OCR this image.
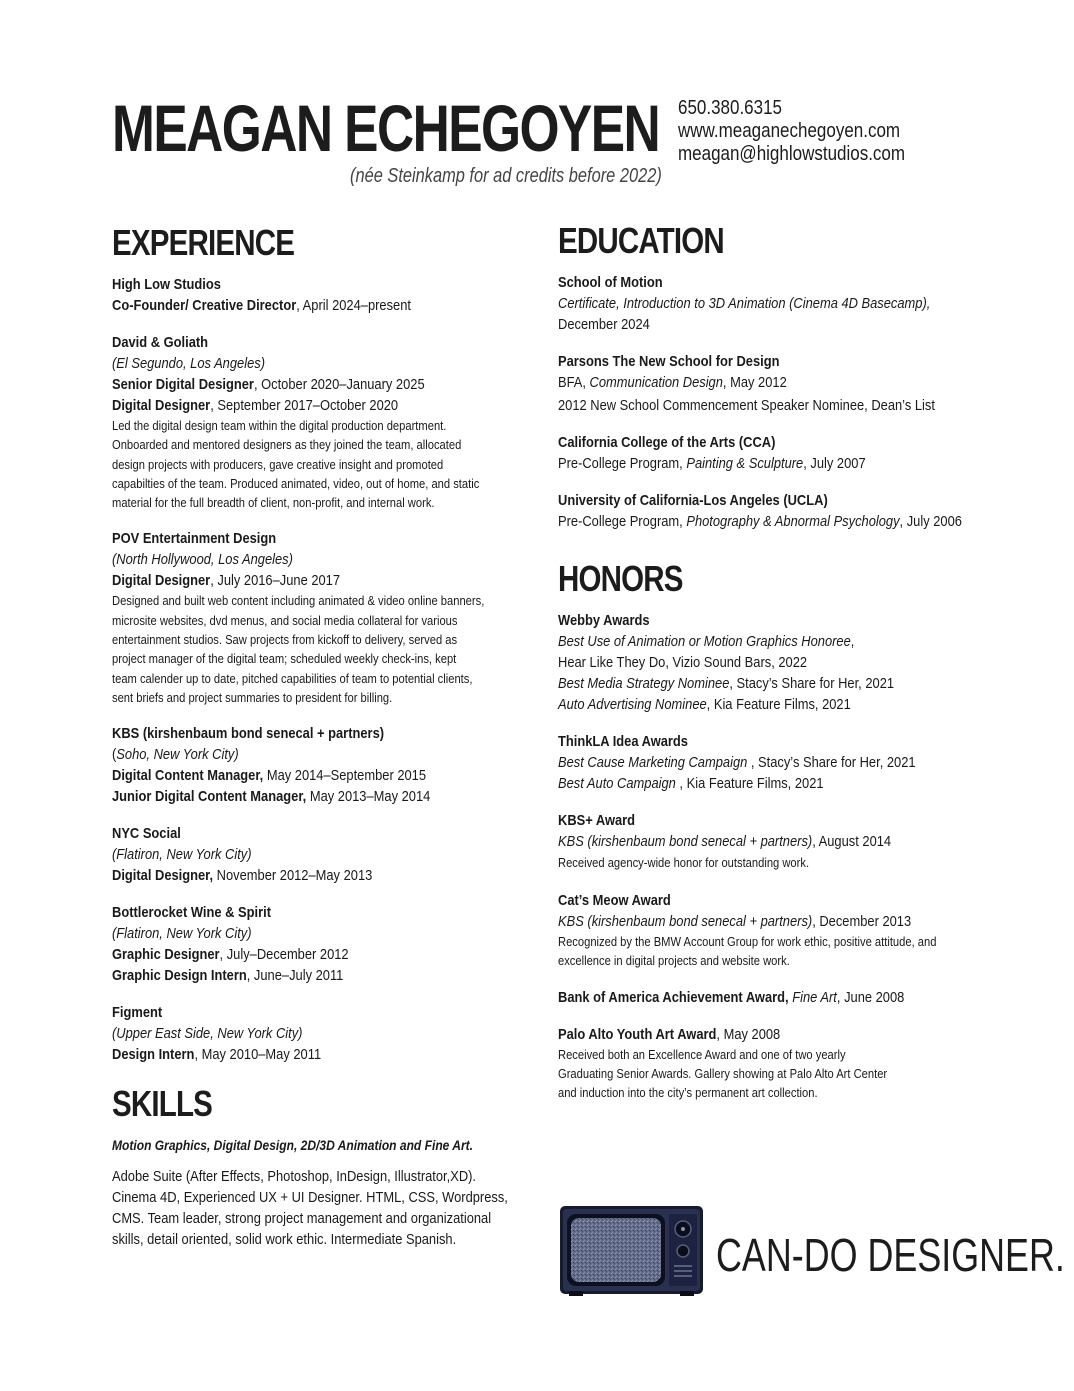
MEAGAN ECHEGOYEN
(née Steinkamp for ad credits before 2022)
650.380.6315
www.meaganechegoyen.com
meagan@highlowstudios.com
EXPERIENCE
High Low Studios
Co-Founder/ Creative Director, April 2024–present
David & Goliath
(El Segundo, Los Angeles)
Senior Digital Designer, October 2020–January 2025
Digital Designer, September 2017–October 2020
Led the digital design team within the digital production department.
Onboarded and mentored designers as they joined the team, allocated
design projects with producers, gave creative insight and promoted
capabilties of the team. Produced animated, video, out of home, and static
material for the full breadth of client, non-profit, and internal work.
POV Entertainment Design
(North Hollywood, Los Angeles)
Digital Designer, July 2016–June 2017
Designed and built web content including animated & video online banners,
microsite websites, dvd menus, and social media collateral for various
entertainment studios. Saw projects from kickoff to delivery, served as
project manager of the digital team; scheduled weekly check-ins, kept
team calender up to date, pitched capabilities of team to potential clients,
sent briefs and project summaries to president for billing.
KBS (kirshenbaum bond senecal + partners)
(Soho, New York City)
Digital Content Manager, May 2014–September 2015
Junior Digital Content Manager, May 2013–May 2014
NYC Social
(Flatiron, New York City)
Digital Designer, November 2012–May 2013
Bottlerocket Wine & Spirit
(Flatiron, New York City)
Graphic Designer, July–December 2012
Graphic Design Intern, June–July 2011
Figment
(Upper East Side, New York City)
Design Intern, May 2010–May 2011
SKILLS
Motion Graphics, Digital Design, 2D/3D Animation and Fine Art.
Adobe Suite (After Effects, Photoshop, InDesign, Illustrator,XD).
Cinema 4D, Experienced UX + UI Designer. HTML, CSS, Wordpress,
CMS. Team leader, strong project management and organizational
skills, detail oriented, solid work ethic. Intermediate Spanish.
EDUCATION
School of Motion
Certificate, Introduction to 3D Animation (Cinema 4D Basecamp),
December 2024
Parsons The New School for Design
BFA, Communication Design, May 2012
2012 New School Commencement Speaker Nominee, Dean’s List
California College of the Arts (CCA)
Pre-College Program, Painting & Sculpture, July 2007
University of California-Los Angeles (UCLA)
Pre-College Program, Photography & Abnormal Psychology, July 2006
HONORS
Webby Awards
Best Use of Animation or Motion Graphics Honoree,
Hear Like They Do, Vizio Sound Bars, 2022
Best Media Strategy Nominee, Stacy’s Share for Her, 2021
Auto Advertising Nominee, Kia Feature Films, 2021
ThinkLA Idea Awards
Best Cause Marketing Campaign , Stacy’s Share for Her, 2021
Best Auto Campaign , Kia Feature Films, 2021
KBS+ Award
KBS (kirshenbaum bond senecal + partners), August 2014
Received agency-wide honor for outstanding work.
Cat’s Meow Award
KBS (kirshenbaum bond senecal + partners), December 2013
Recognized by the BMW Account Group for work ethic, positive attitude, and
excellence in digital projects and website work.
Bank of America Achievement Award, Fine Art, June 2008
Palo Alto Youth Art Award, May 2008
Received both an Excellence Award and one of two yearly
Graduating Senior Awards. Gallery showing at Palo Alto Art Center
and induction into the city’s permanent art collection.
CAN-DO DESIGNER.
